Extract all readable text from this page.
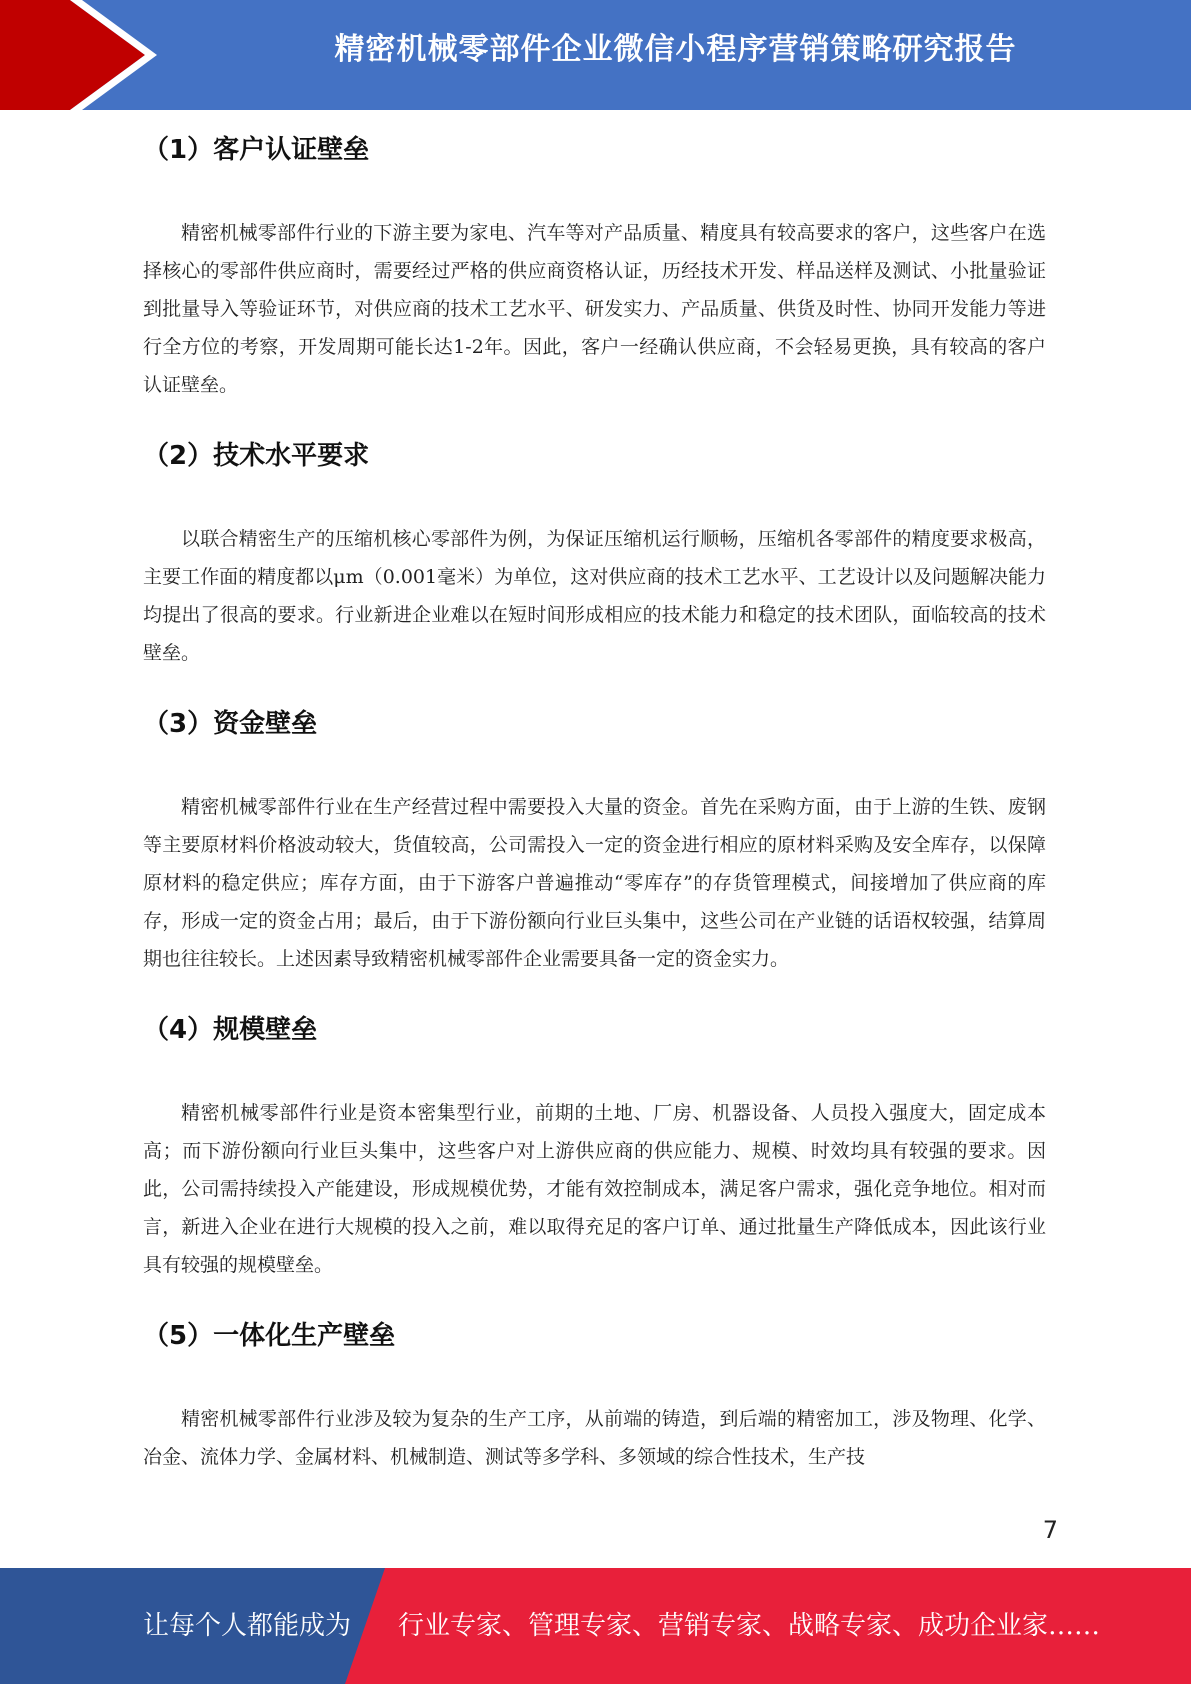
精密机械零部件企业微信小程序营销策略研究报告
（1）客户认证壁垒

精密机械零部件行业的下游主要为家电、汽车等对产品质量、精度具有较高要求的客户，这些客户在选择核心的零部件供应商时，需要经过严格的供应商资格认证，历经技术开发、样品送样及测试、小批量验证到批量导入等验证环节，对供应商的技术工艺水平、研发实力、产品质量、供货及时性、协同开发能力等进行全方位的考察，开发周期可能长达1-2年。因此，客户一经确认供应商，不会轻易更换，具有较高的客户认证壁垒。

（2）技术水平要求

以联合精密生产的压缩机核心零部件为例，为保证压缩机运行顺畅，压缩机各零部件的精度要求极高，主要工作面的精度都以μm（0.001毫米）为单位，这对供应商的技术工艺水平、工艺设计以及问题解决能力均提出了很高的要求。行业新进企业难以在短时间形成相应的技术能力和稳定的技术团队，面临较高的技术壁垒。

（3）资金壁垒

精密机械零部件行业在生产经营过程中需要投入大量的资金。首先在采购方面，由于上游的生铁、废钢等主要原材料价格波动较大，货值较高，公司需投入一定的资金进行相应的原材料采购及安全库存，以保障原材料的稳定供应；库存方面，由于下游客户普遍推动“零库存”的存货管理模式，间接增加了供应商的库存，形成一定的资金占用；最后，由于下游份额向行业巨头集中，这些公司在产业链的话语权较强，结算周期也往往较长。上述因素导致精密机械零部件企业需要具备一定的资金实力。

（4）规模壁垒

精密机械零部件行业是资本密集型行业，前期的土地、厂房、机器设备、人员投入强度大，固定成本高；而下游份额向行业巨头集中，这些客户对上游供应商的供应能力、规模、时效均具有较强的要求。因此，公司需持续投入产能建设，形成规模优势，才能有效控制成本，满足客户需求，强化竞争地位。相对而言，新进入企业在进行大规模的投入之前，难以取得充足的客户订单、通过批量生产降低成本，因此该行业具有较强的规模壁垒。

（5）一体化生产壁垒

精密机械零部件行业涉及较为复杂的生产工序，从前端的铸造，到后端的精密加工，涉及物理、化学、冶金、流体力学、金属材料、机械制造、测试等多学科、多领域的综合性技术，生产技

7
让每个人都能成为 行业专家、管理专家、营销专家、战略专家、成功企业家……
